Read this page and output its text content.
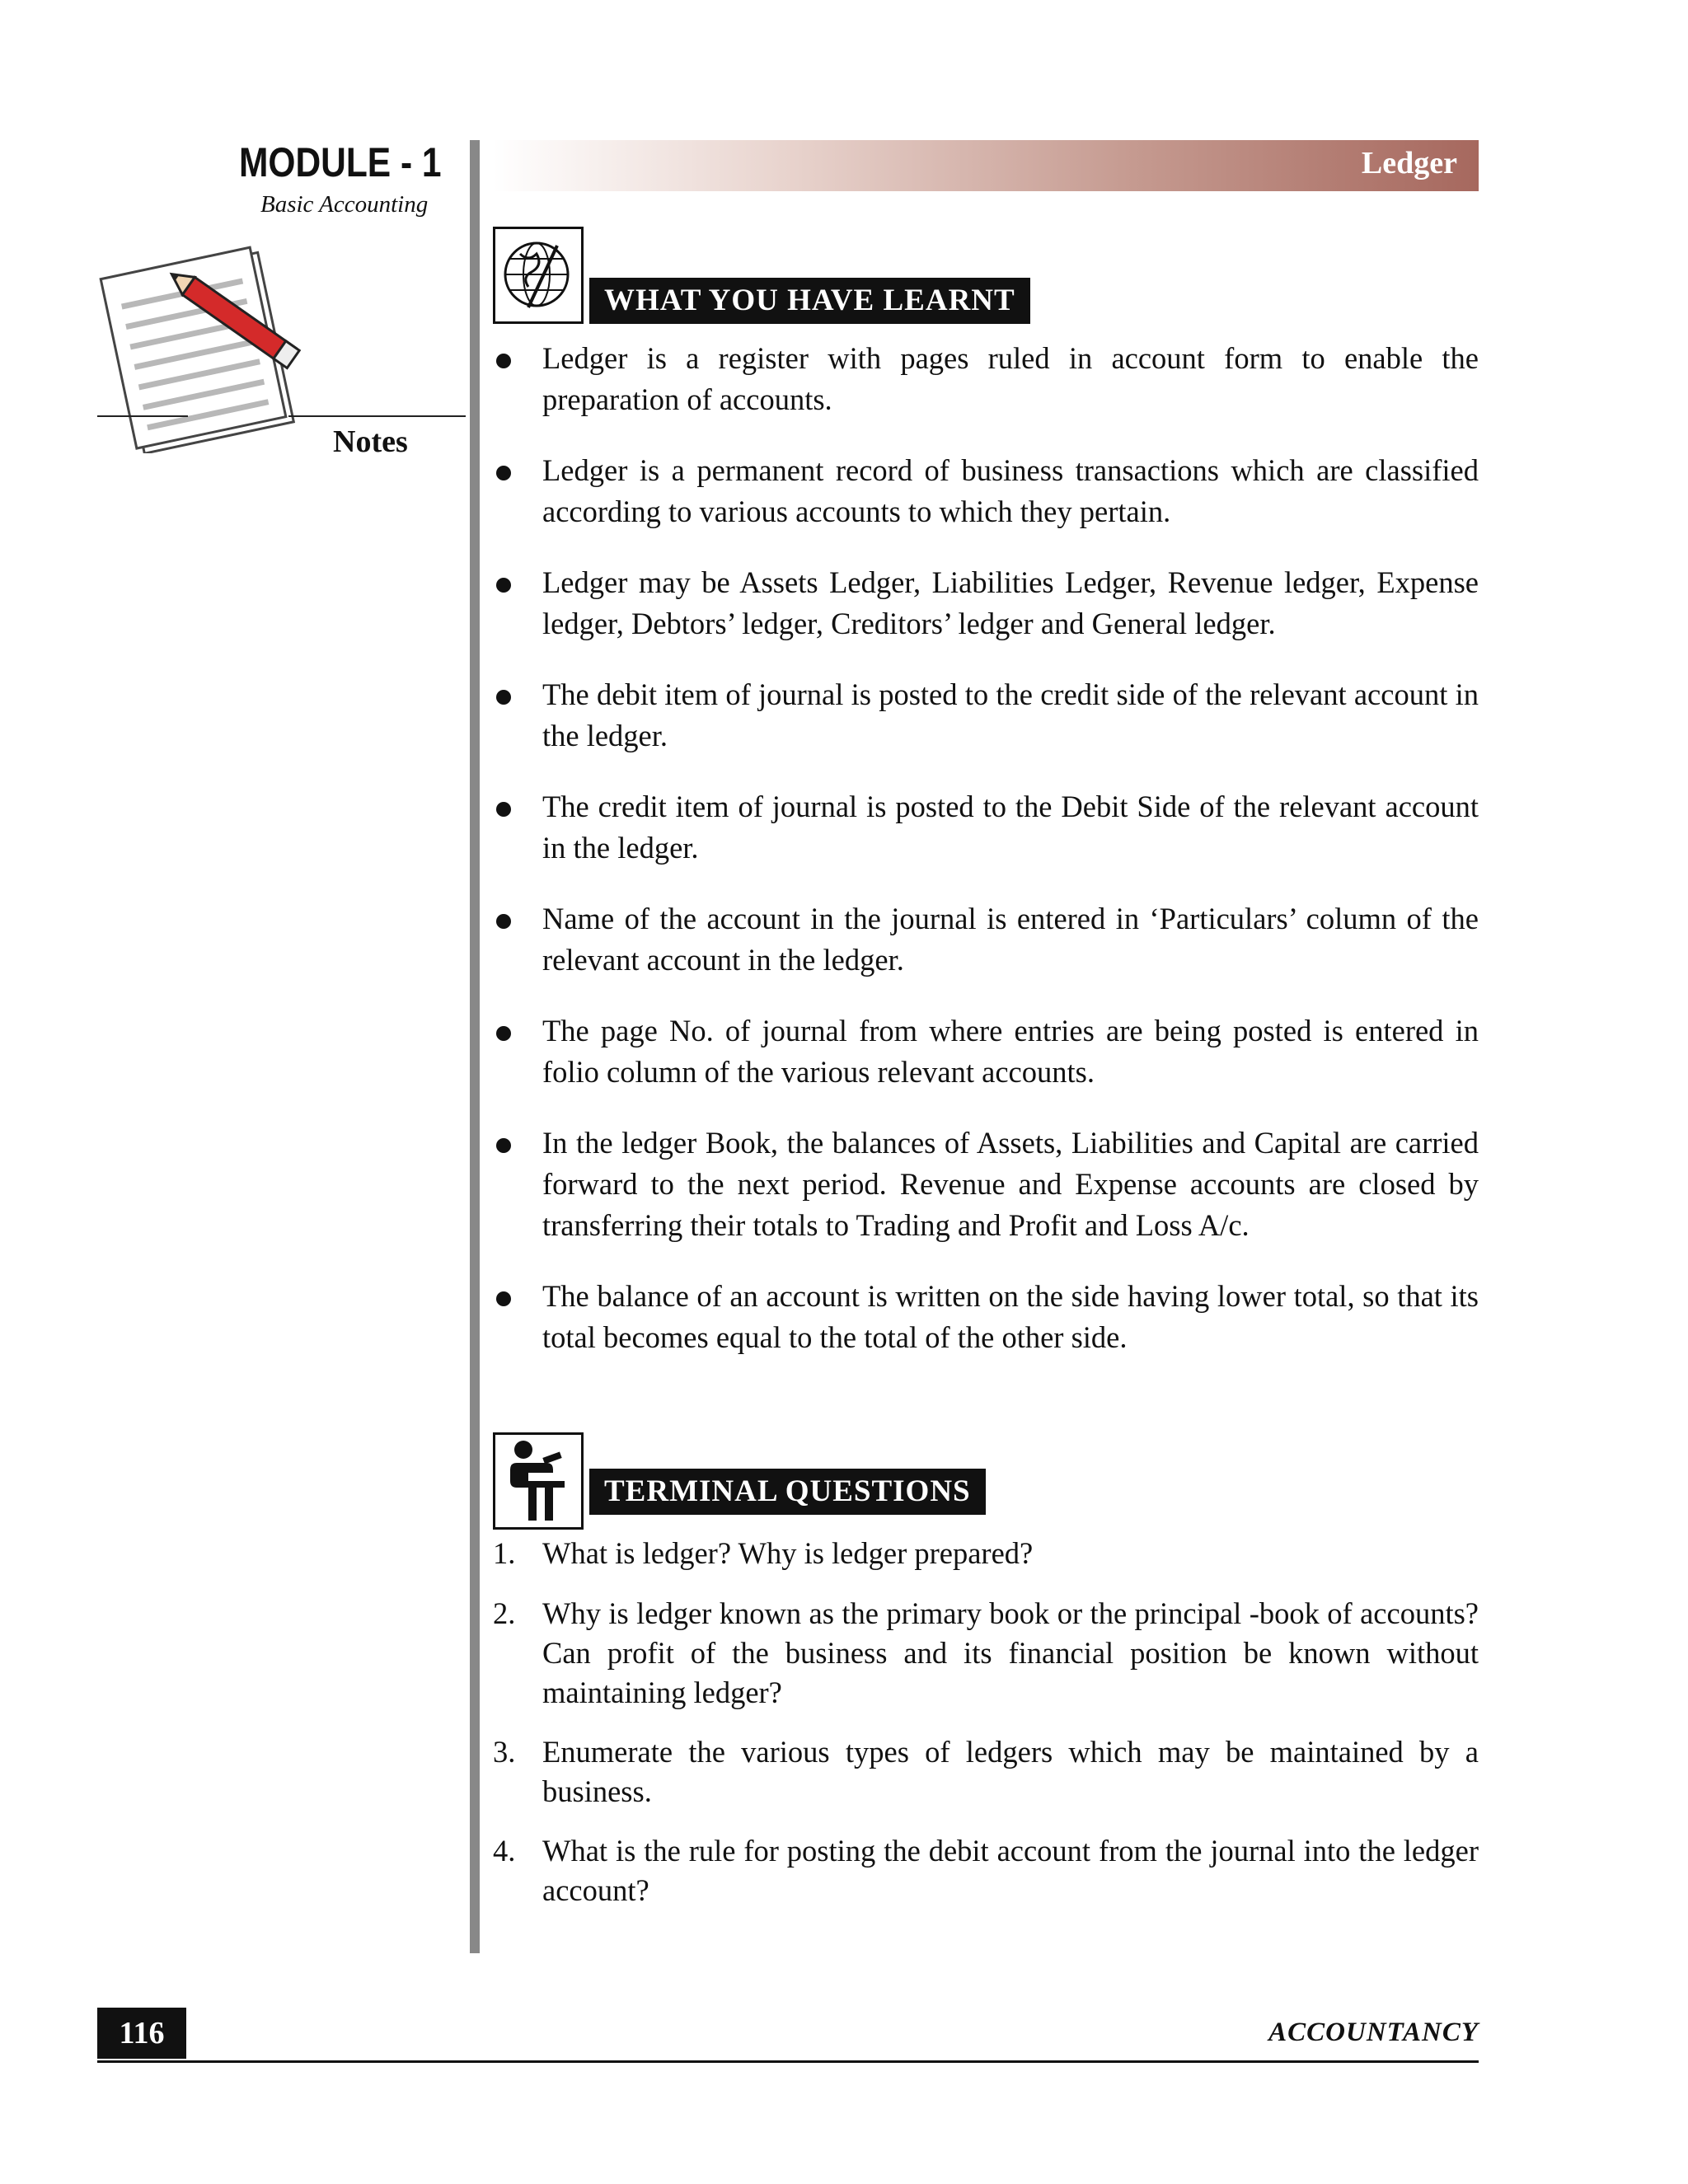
MODULE - 1
Basic Accounting
Notes
Ledger
WHAT YOU HAVE LEARNT
Ledger is a register with pages ruled in account form to enable the preparation of accounts.
Ledger is a permanent record of business transactions which are classified according to various accounts to which they pertain.
Ledger may be Assets Ledger, Liabilities Ledger, Revenue ledger, Expense ledger, Debtors’ ledger, Creditors’ ledger and General ledger.
The debit item of journal is posted to the credit side of the relevant account in the ledger.
The credit item of journal is posted to the Debit Side of the relevant account in the ledger.
Name of the account in the journal is entered in ‘Particulars’ column of the relevant account in the ledger.
The page No. of journal from where entries are being posted is entered in folio column of the various relevant accounts.
In the ledger Book, the balances of Assets, Liabilities and Capital are carried forward to the next period. Revenue and Expense accounts are closed by transferring their totals to Trading and Profit and Loss A/c.
The balance of an account is written on the side having lower total, so that its total becomes equal to the total of the other side.
TERMINAL QUESTIONS
1. What is ledger? Why is ledger prepared?
2. Why is ledger known as the primary book or the principal -book of accounts? Can profit of the business and its financial position be known without maintaining ledger?
3. Enumerate the various types of ledgers which may be maintained by a business.
4. What is the rule for posting the debit account from the journal into the ledger account?
116	ACCOUNTANCY
